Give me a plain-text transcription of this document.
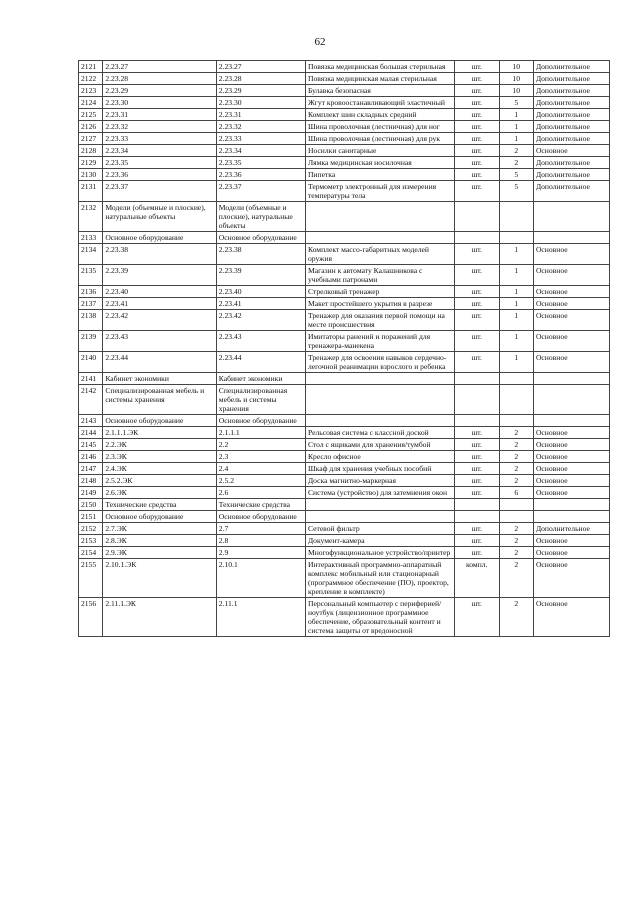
62
2121	2.23.27	2.23.27	Повязка медицинская большая стерильная	шт.	10	Дополнительное
2122	2.23.28	2.23.28	Повязка медицинская малая стерильная	шт.	10	Дополнительное
2123	2.23.29	2.23.29	Булавка безопасная	шт.	10	Дополнительное
2124	2.23.30	2.23.30	Жгут кровоостанавливающий эластичный	шт.	5	Дополнительное
2125	2.23.31	2.23.31	Комплект шин складных средний	шт.	1	Дополнительное
2126	2.23.32	2.23.32	Шина проволочная (лестничная) для ног	шт.	1	Дополнительное
2127	2.23.33	2.23.33	Шина проволочная (лестничная) для рук	шт.	1	Дополнительное
2128	2.23.34	2.23.34	Носилки санитарные	шт.	2	Основное
2129	2.23.35	2.23.35	Лямка медицинская носилочная	шт.	2	Дополнительное
2130	2.23.36	2.23.36	Пипетка	шт.	5	Дополнительное
2131	2.23.37	2.23.37	Термометр электронный для измерения температуры тела	шт.	5	Дополнительное
2132	Модели (объемные и плоские), натуральные объекты	Модели (объемные и плоские), натуральные объекты				
2133	Основное оборудование	Основное оборудование				
2134	2.23.38	2.23.38	Комплект массо-габаритных моделей оружия	шт.	1	Основное
2135	2.23.39	2.23.39	Магазин к автомату Калашникова с учебными патронами	шт.	1	Основное
2136	2.23.40	2.23.40	Стрелковый тренажер	шт.	1	Основное
2137	2.23.41	2.23.41	Макет простейшего укрытия в разрезе	шт.	1	Основное
2138	2.23.42	2.23.42	Тренажер для оказания первой помощи на месте происшествия	шт.	1	Основное
2139	2.23.43	2.23.43	Имитаторы ранений и поражений для тренажера-манекена	шт.	1	Основное
2140	2.23.44	2.23.44	Тренажер для освоения навыков сердечно-легочной реанимации взрослого и ребенка	шт.	1	Основное
2141	Кабинет экономики	Кабинет экономики				
2142	Специализированная мебель и системы хранения	Специализированная мебель и системы хранения				
2143	Основное оборудование	Основное оборудование				
2144	2.1.1.1.ЭК	2.1.1.1	Рельсовая система с классной доской	шт.	2	Основное
2145	2.2.ЭК	2.2	Стол с ящиками для хранения/тумбой	шт.	2	Основное
2146	2.3.ЭК	2.3	Кресло офисное	шт.	2	Основное
2147	2.4.ЭК	2.4	Шкаф для хранения учебных пособий	шт.	2	Основное
2148	2.5.2.ЭК	2.5.2	Доска магнитно-маркерная	шт.	2	Основное
2149	2.6.ЭК	2.6	Система (устройство) для затемнения окон	шт.	6	Основное
2150	Технические средства	Технические средства				
2151	Основное оборудование	Основное оборудование				
2152	2.7.ЭК	2.7	Сетевой фильтр	шт.	2	Дополнительное
2153	2.8.ЭК	2.8	Документ-камера	шт.	2	Основное
2154	2.9.ЭК	2.9	Многофункциональное устройство/принтер	шт.	2	Основное
2155	2.10.1.ЭК	2.10.1	Интерактивный программно-аппаратный комплекс мобильный или стационарный (программное обеспечение (ПО), проектор, крепление в комплекте)	компл.	2	Основное
2156	2.11.1.ЭК	2.11.1	Персональный компьютер с периферией/ноутбук (лицензионное программное обеспечение, образовательный контент и система защиты от вредоносной	шт.	2	Основное
